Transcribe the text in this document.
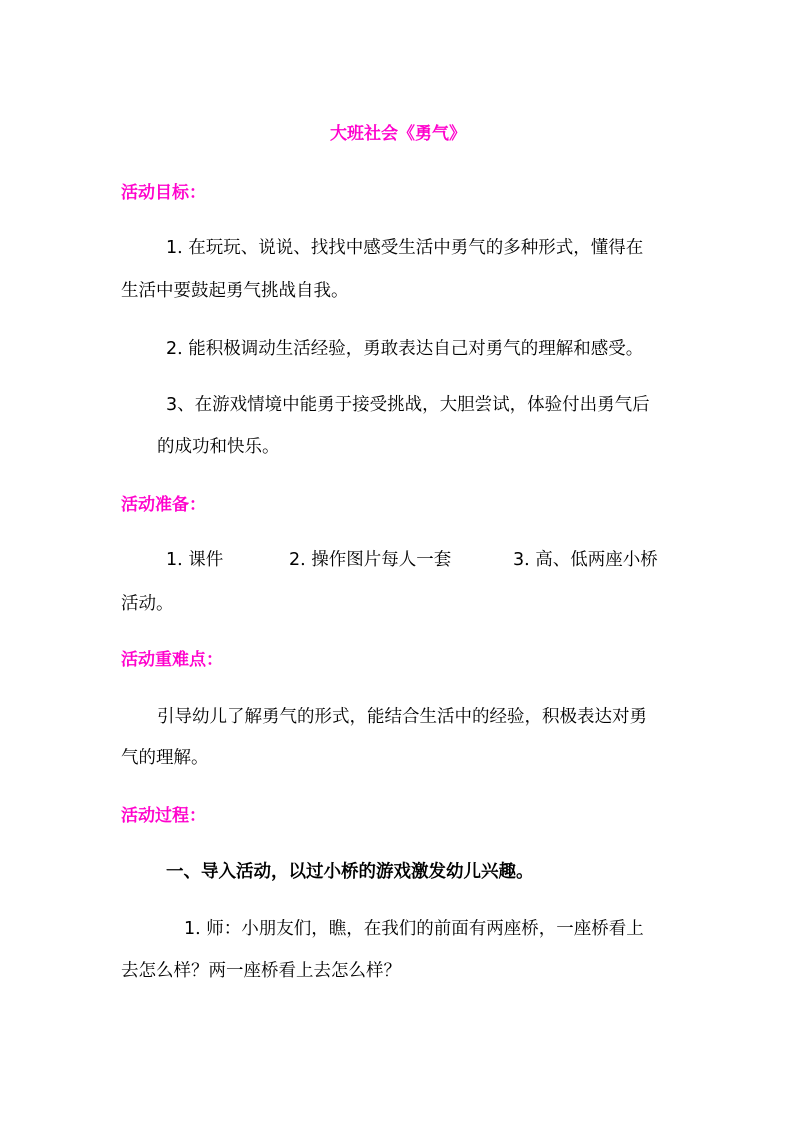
大班社会《勇气》
活动目标：
1. 在玩玩、说说、找找中感受生活中勇气的多种形式，懂得在
生活中要鼓起勇气挑战自我。
2. 能积极调动生活经验，勇敢表达自己对勇气的理解和感受。
3、在游戏情境中能勇于接受挑战，大胆尝试，体验付出勇气后
的成功和快乐。
活动准备：
1. 课件	2. 操作图片每人一套	3. 高、低两座小桥
活动。
活动重难点：
引导幼儿了解勇气的形式，能结合生活中的经验，积极表达对勇
气的理解。
活动过程：
一、导入活动，以过小桥的游戏激发幼儿兴趣。
1. 师：小朋友们，瞧，在我们的前面有两座桥，一座桥看上
去怎么样？两一座桥看上去怎么样？
